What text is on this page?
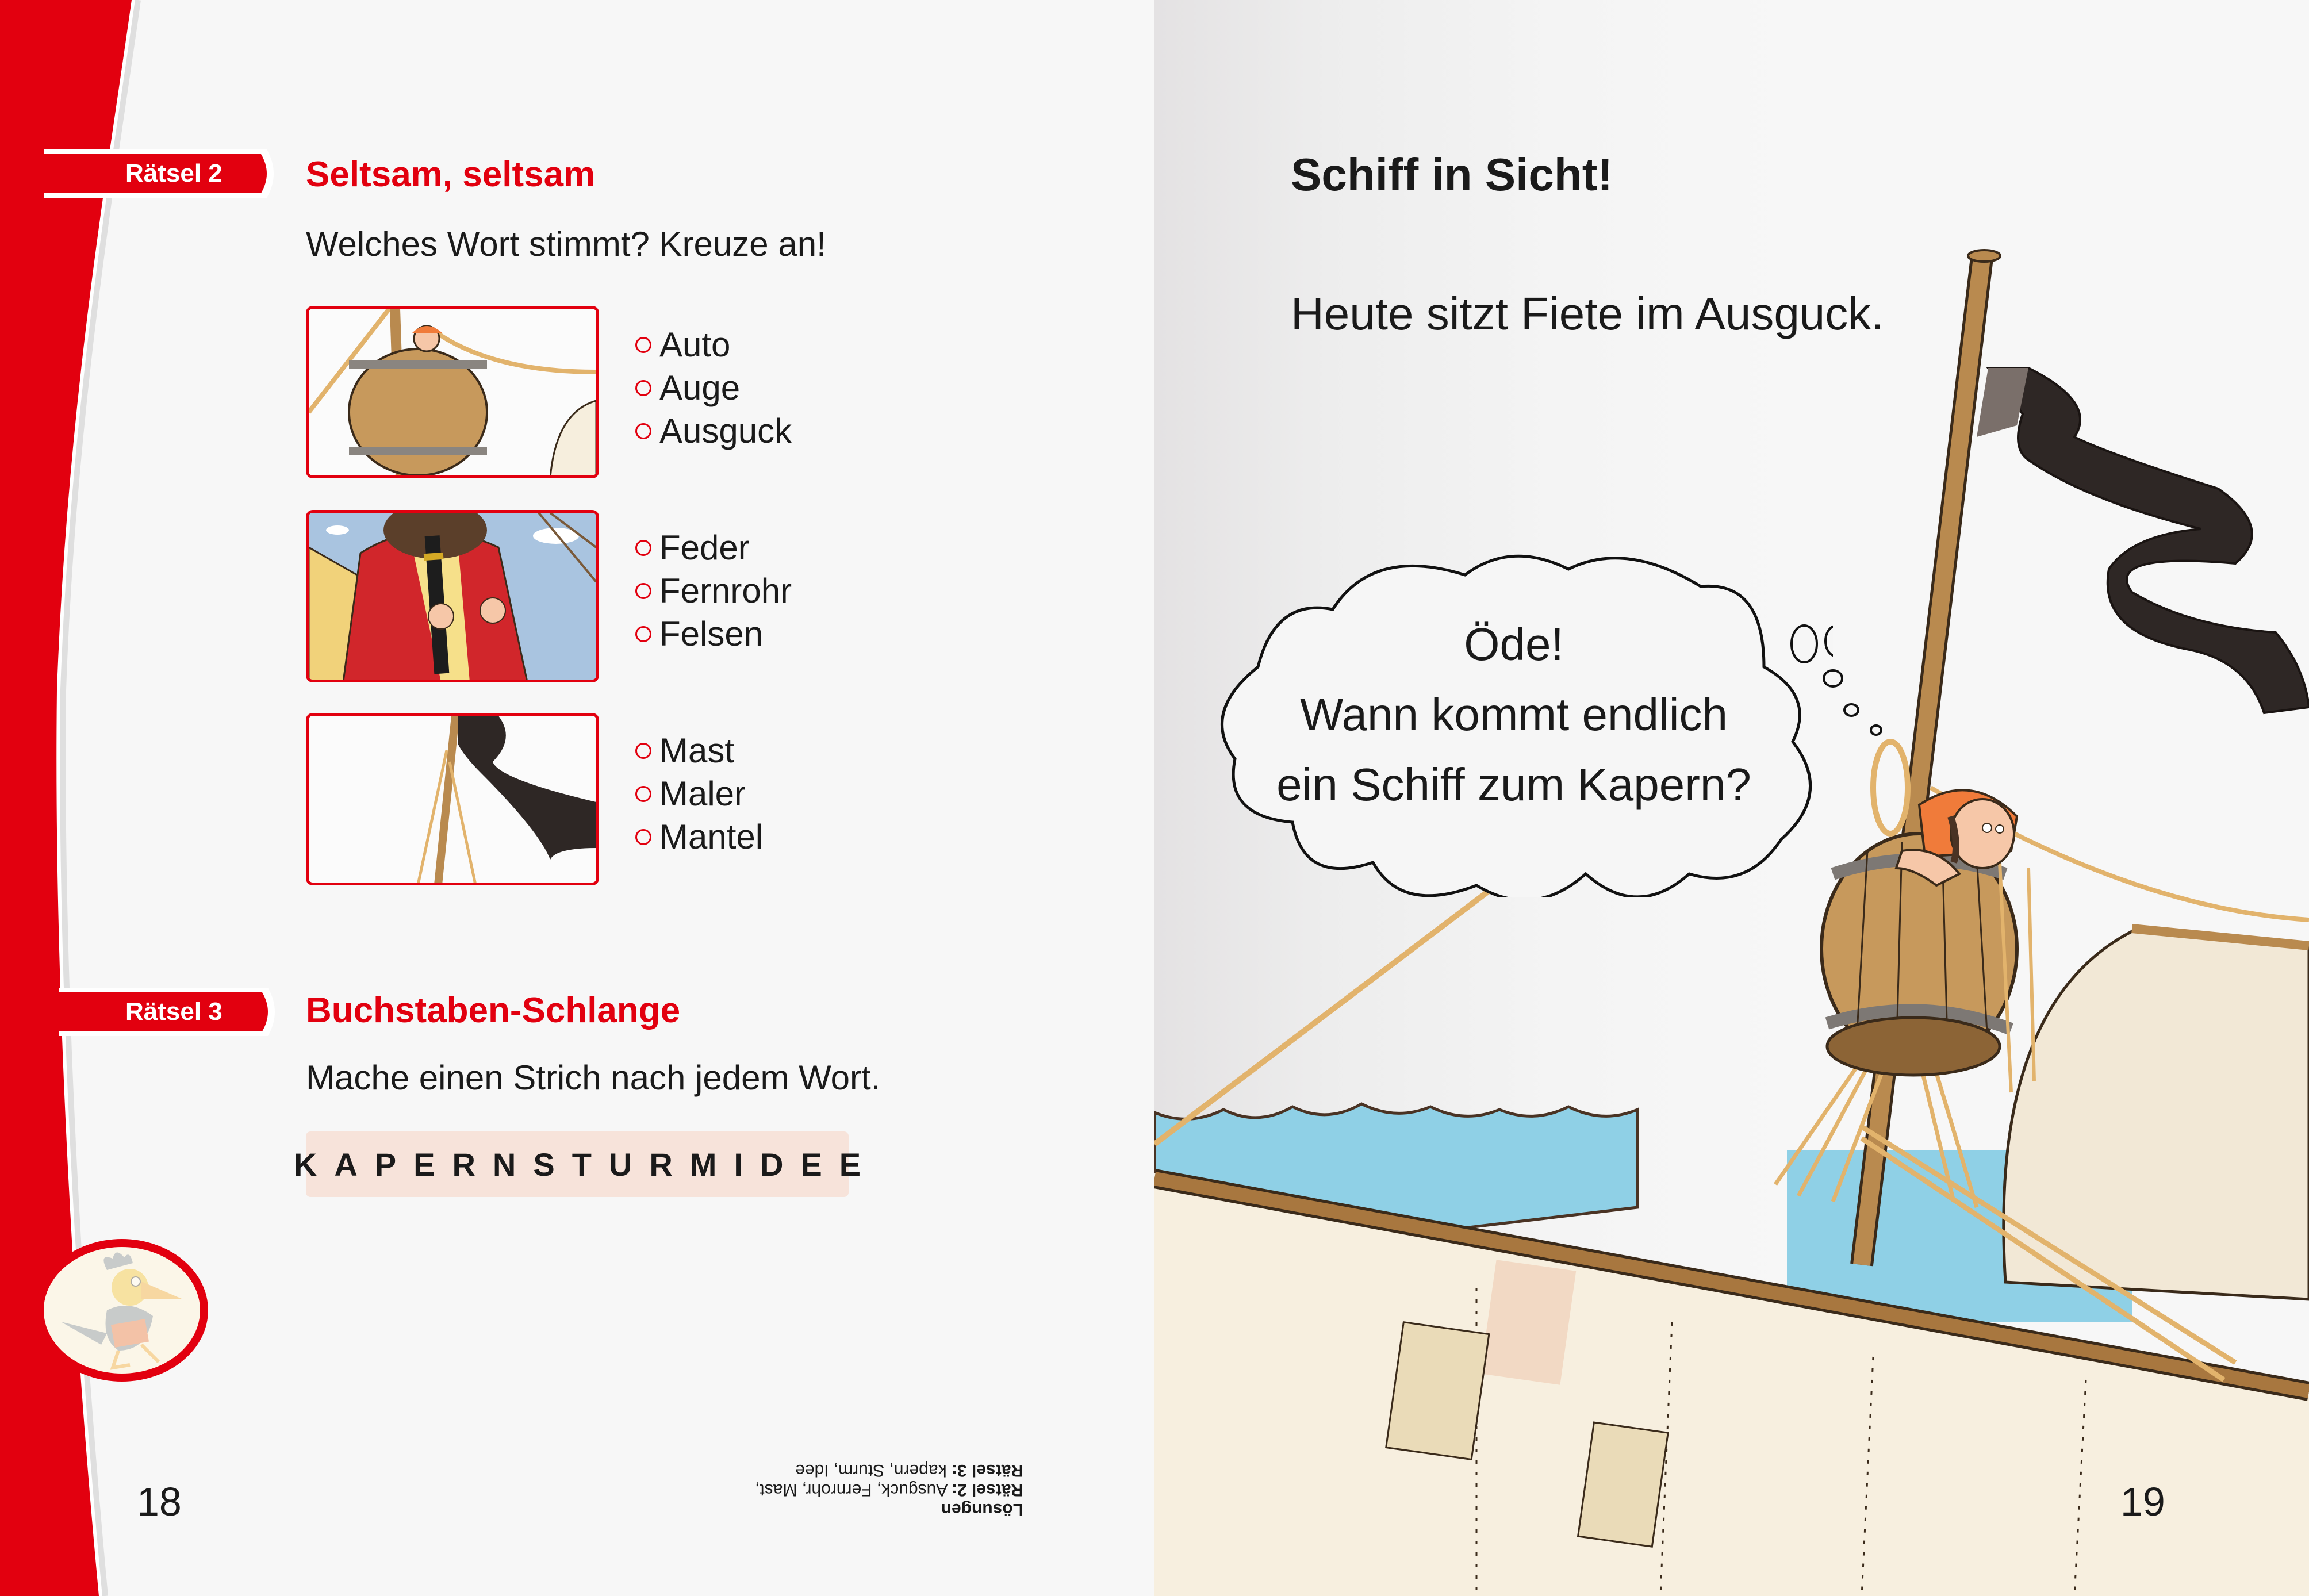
Rätsel 2 Seltsam, seltsam
Welches Wort stimmt? Kreuze an!
Auto
Auge
Ausguck
Feder
Fernrohr
Felsen
Mast
Maler
Mantel
Rätsel 3 Buchstaben-Schlange
Mache einen Strich nach jedem Wort.
KAPERNSTURMIDEE
18	Lösungen
Rätsel 2: Ausguck, Fernrohr, Mast,
Rätsel 3: kapern, Sturm, Idee
Öde!
Wann kommt endlich
ein Schiff zum Kapern?
Schiff in Sicht!
Heute sitzt Fiete im Ausguck.
19
